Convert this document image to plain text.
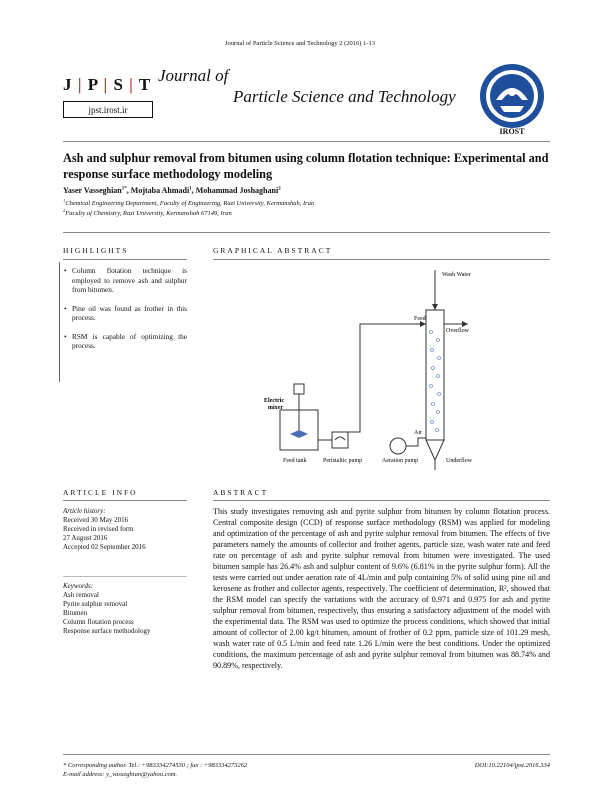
Journal of Particle Science and Technology 2 (2016) 1-13
J | P | S | T
jpst.irost.ir
Journal of
Particle Science and Technology
IROST
Ash and sulphur removal from bitumen using column flotation technique: Experimental and response surface methodology modeling
Yaser Vasseghian$^{1*}$, Mojtaba Ahmadi$^1$, Mohammad Joshaghani$^2$
$^1$Chemical Engineering Department, Faculty of Engineering, Razi University, Kermanshah, Iran
$^2$Faculty of Chemistry, Razi University, Kermanshah 67149, Iran
HIGHLIGHTS
• Column flotation technique is employed to remove ash and sulphur from bitumen.
• Pine oil was found as frother in this process.
• RSM is capable of optimizing the process.
GRAPHICAL ABSTRACT
Wash Water
Overflow
Feed
Electric
mixer
Feed tank	Peristaltic pump	Aeration pump
Air
Underflow
ARTICLE INFO
Article history:
Received 30 May 2016
Received in revised form
27 August 2016
Accepted 02 September 2016
Keywords:
Ash removal
Pyrite sulphur removal
Bitumen
Column flotation process
Response surface methodology
ABSTRACT
This study investigates removing ash and pyrite sulphur from bitumen by column flotation process. Central composite design (CCD) of response surface methodology (RSM) was applied for modeling and optimization of the percentage of ash and pyrite sulphur removal from bitumen. The effects of five parameters namely the amounts of collector and frother agents, particle size, wash water rate and feed rate on percentage of ash and pyrite sulphur removal from bitumen were investigated. The used bitumen sample has 26.4% ash and sulphur content of 9.6% (6.81% in the pyrite sulphur form). All the tests were carried out under aeration rate of 4L/min and pulp containing 5% of solid using pine oil and kerosene as frother and collector agents, respectively. The coefficient of determination, R², showed that the RSM model can specify the variations with the accuracy of 0.971 and 0.975 for ash and pyrite sulphur removal from bitumen, respectively, thus ensuring a satisfactory adjustment of the model with the experimental data. The RSM was used to optimize the process conditions, which showed that initial amount of collector of 2.00 kg/t bitumen, amount of frother of 0.2 ppm, particle size of 101.29 mesh, wash water rate of 0.5 L/min and feed rate 1.26 L/min were the best conditions. Under the optimized conditions, the maximum percentage of ash and pyrite sulphur removal from bitumen was 88.74% and 90.89%, respectively.
* Corresponding author. Tel.: +983334274530 ; fax : +983334273262
E-mail address: y_vasseghian@yahoo.com.
DOI:10.22104/jpst.2016.334
